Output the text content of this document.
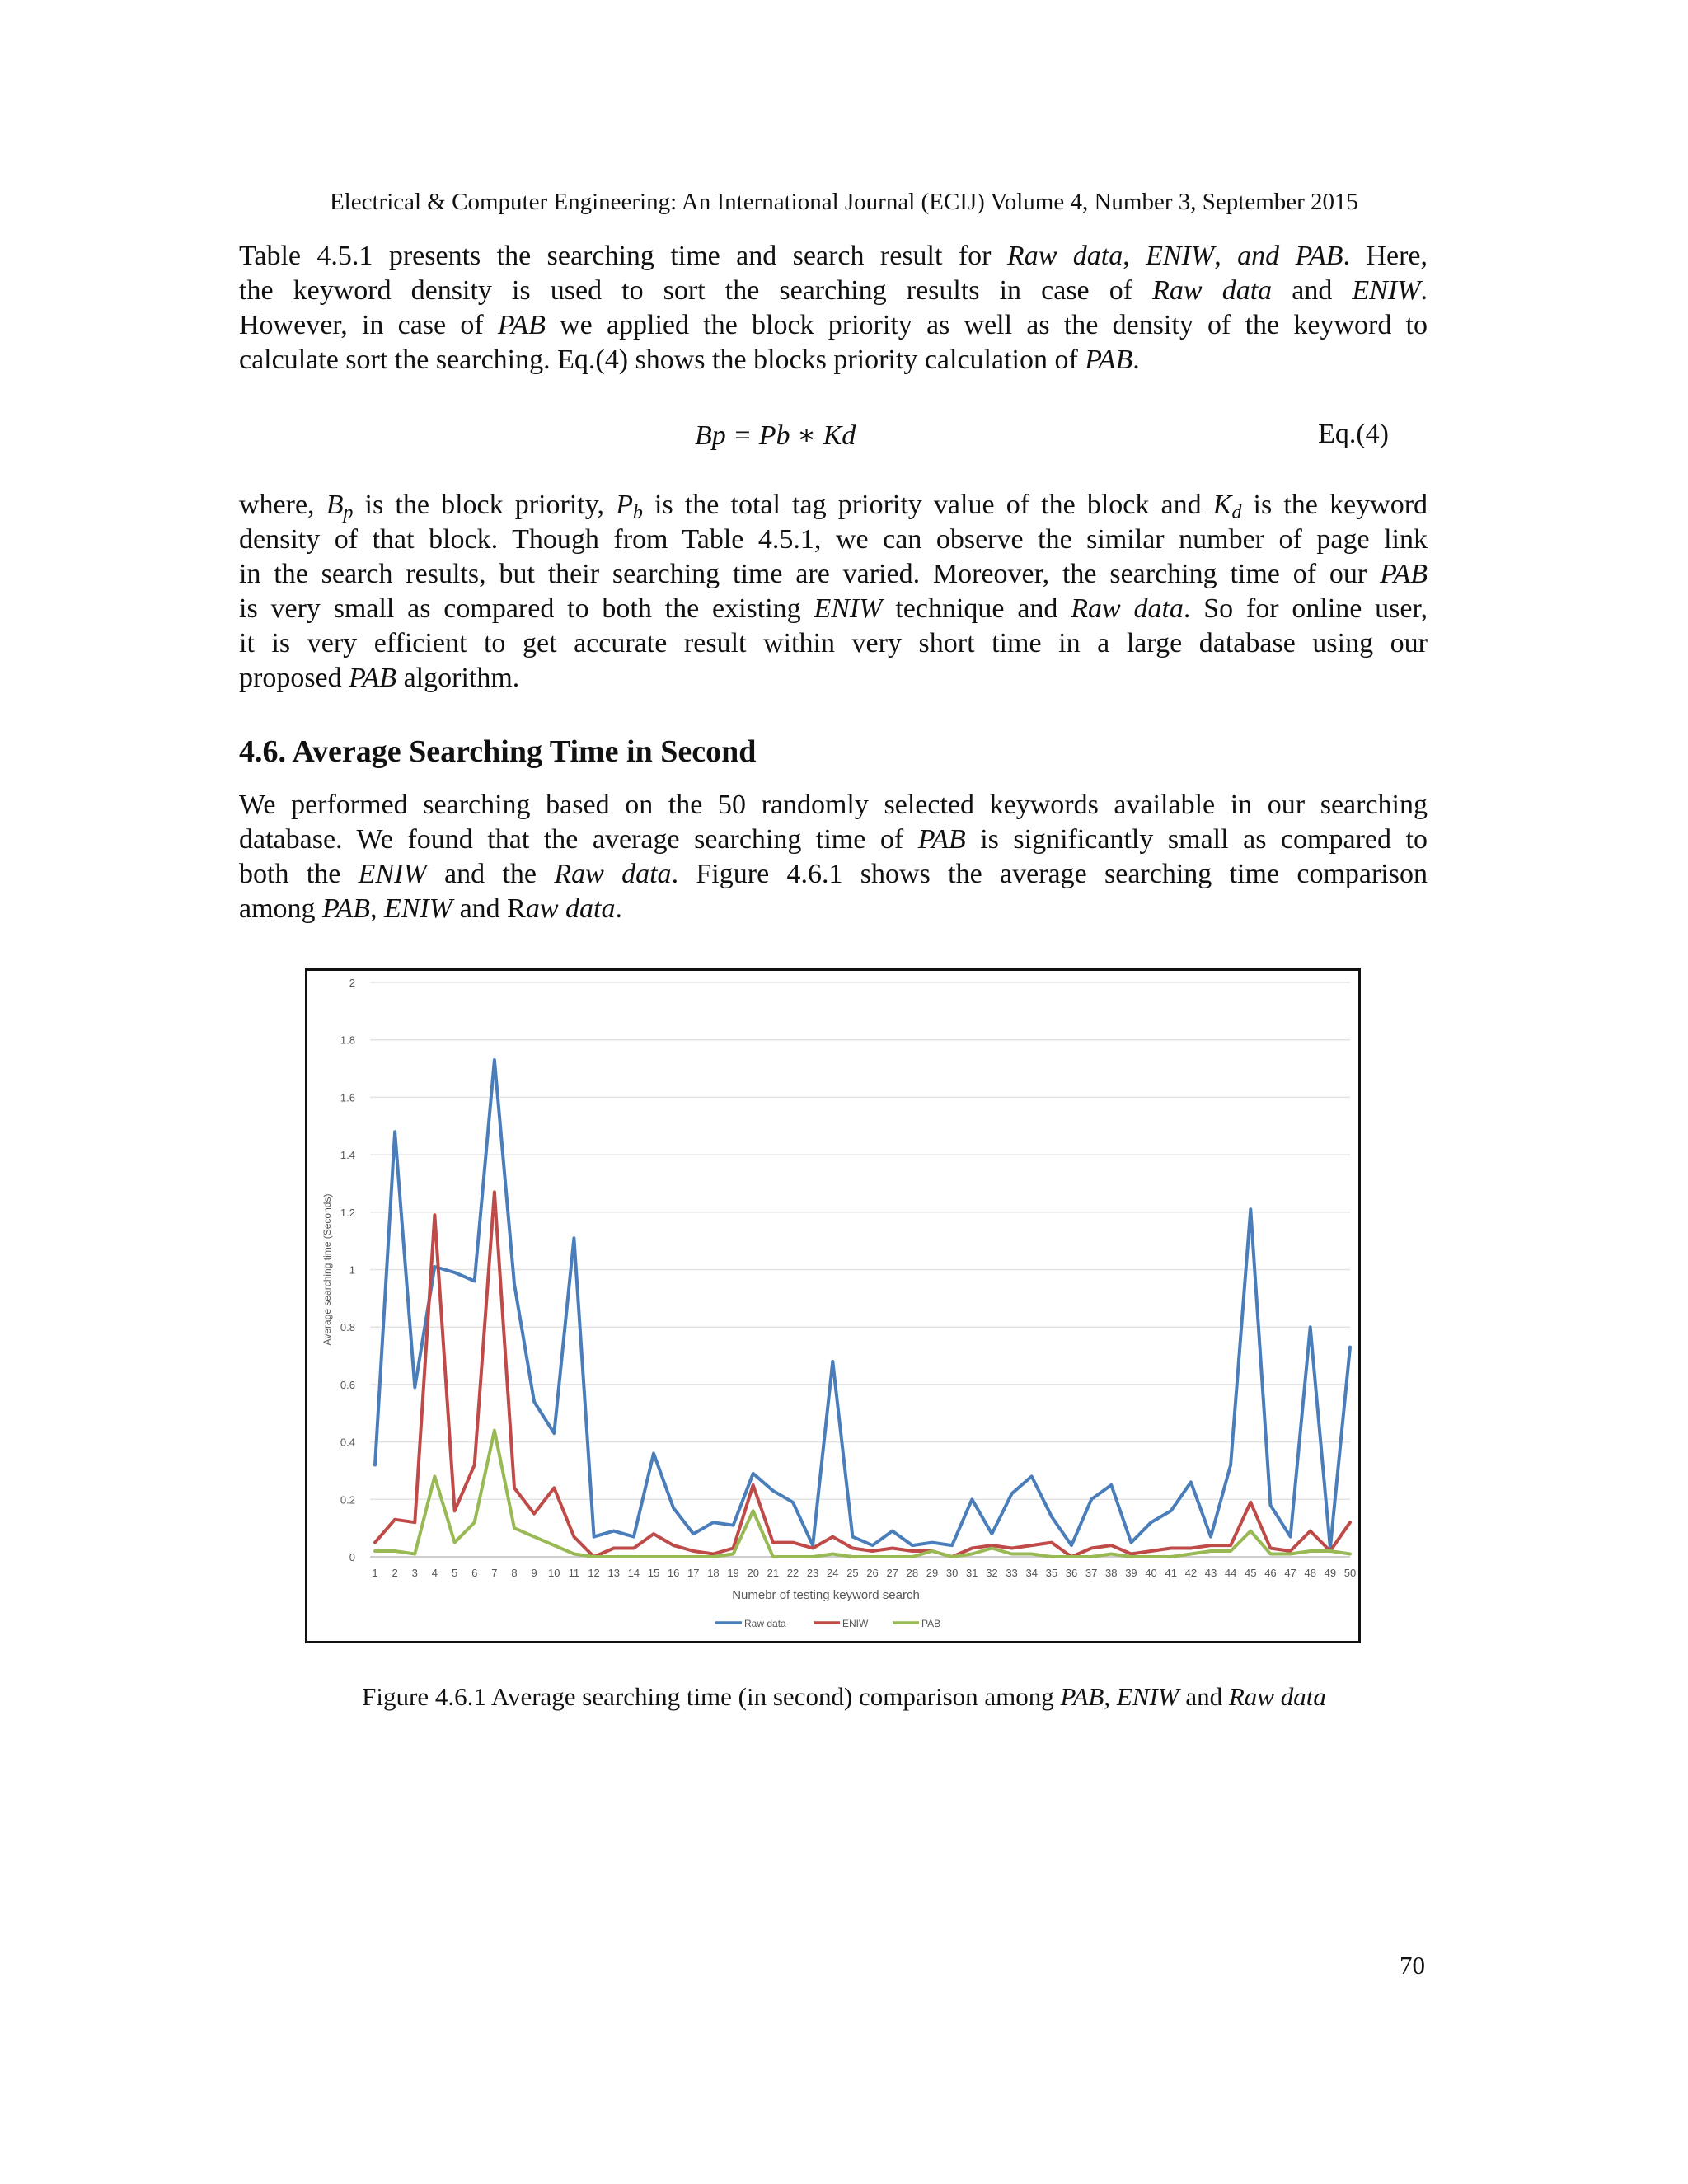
Electrical & Computer Engineering: An International Journal (ECIJ) Volume 4, Number 3, September 2015
Table 4.5.1 presents the searching time and search result for Raw data, ENIW, and PAB. Here,
the keyword density is used to sort the searching results in case of Raw data and ENIW.
However, in case of PAB we applied the block priority as well as the density of the keyword to
calculate sort the searching. Eq.(4) shows the blocks priority calculation of PAB.
Bp = Pb ∗ Kd	Eq.(4)
where, $B_p$ is the block priority, $P_b$ is the total tag priority value of the block and $K_d$ is the keyword
density of that block. Though from Table 4.5.1, we can observe the similar number of page link
in the search results, but their searching time are varied. Moreover, the searching time of our PAB
is very small as compared to both the existing ENIW technique and Raw data. So for online user,
it is very efficient to get accurate result within very short time in a large database using our
proposed PAB algorithm.
4.6. Average Searching Time in Second
We performed searching based on the 50 randomly selected keywords available in our searching
database. We found that the average searching time of PAB is significantly small as compared to
both the ENIW and the Raw data. Figure 4.6.1 shows the average searching time comparison
among PAB, ENIW and Raw data.
0
0.2
0.4
0.6
0.8
1
1.2
1.4
1.6
1.8
2
1 2 3 4 5 6 7 8 9 10 11 12 13 14 15 16 17 18 19 20 21 22 23 24 25 26 27 28 29 30 31 32 33 34 35 36 37 38 39 40 41 42 43 44 45 46 47 48 49 50
Numebr of testing keyword search
Average searching time (Seconds)
Raw data	ENIW	PAB
Figure 4.6.1 Average searching time (in second) comparison among PAB, ENIW and Raw data
70
